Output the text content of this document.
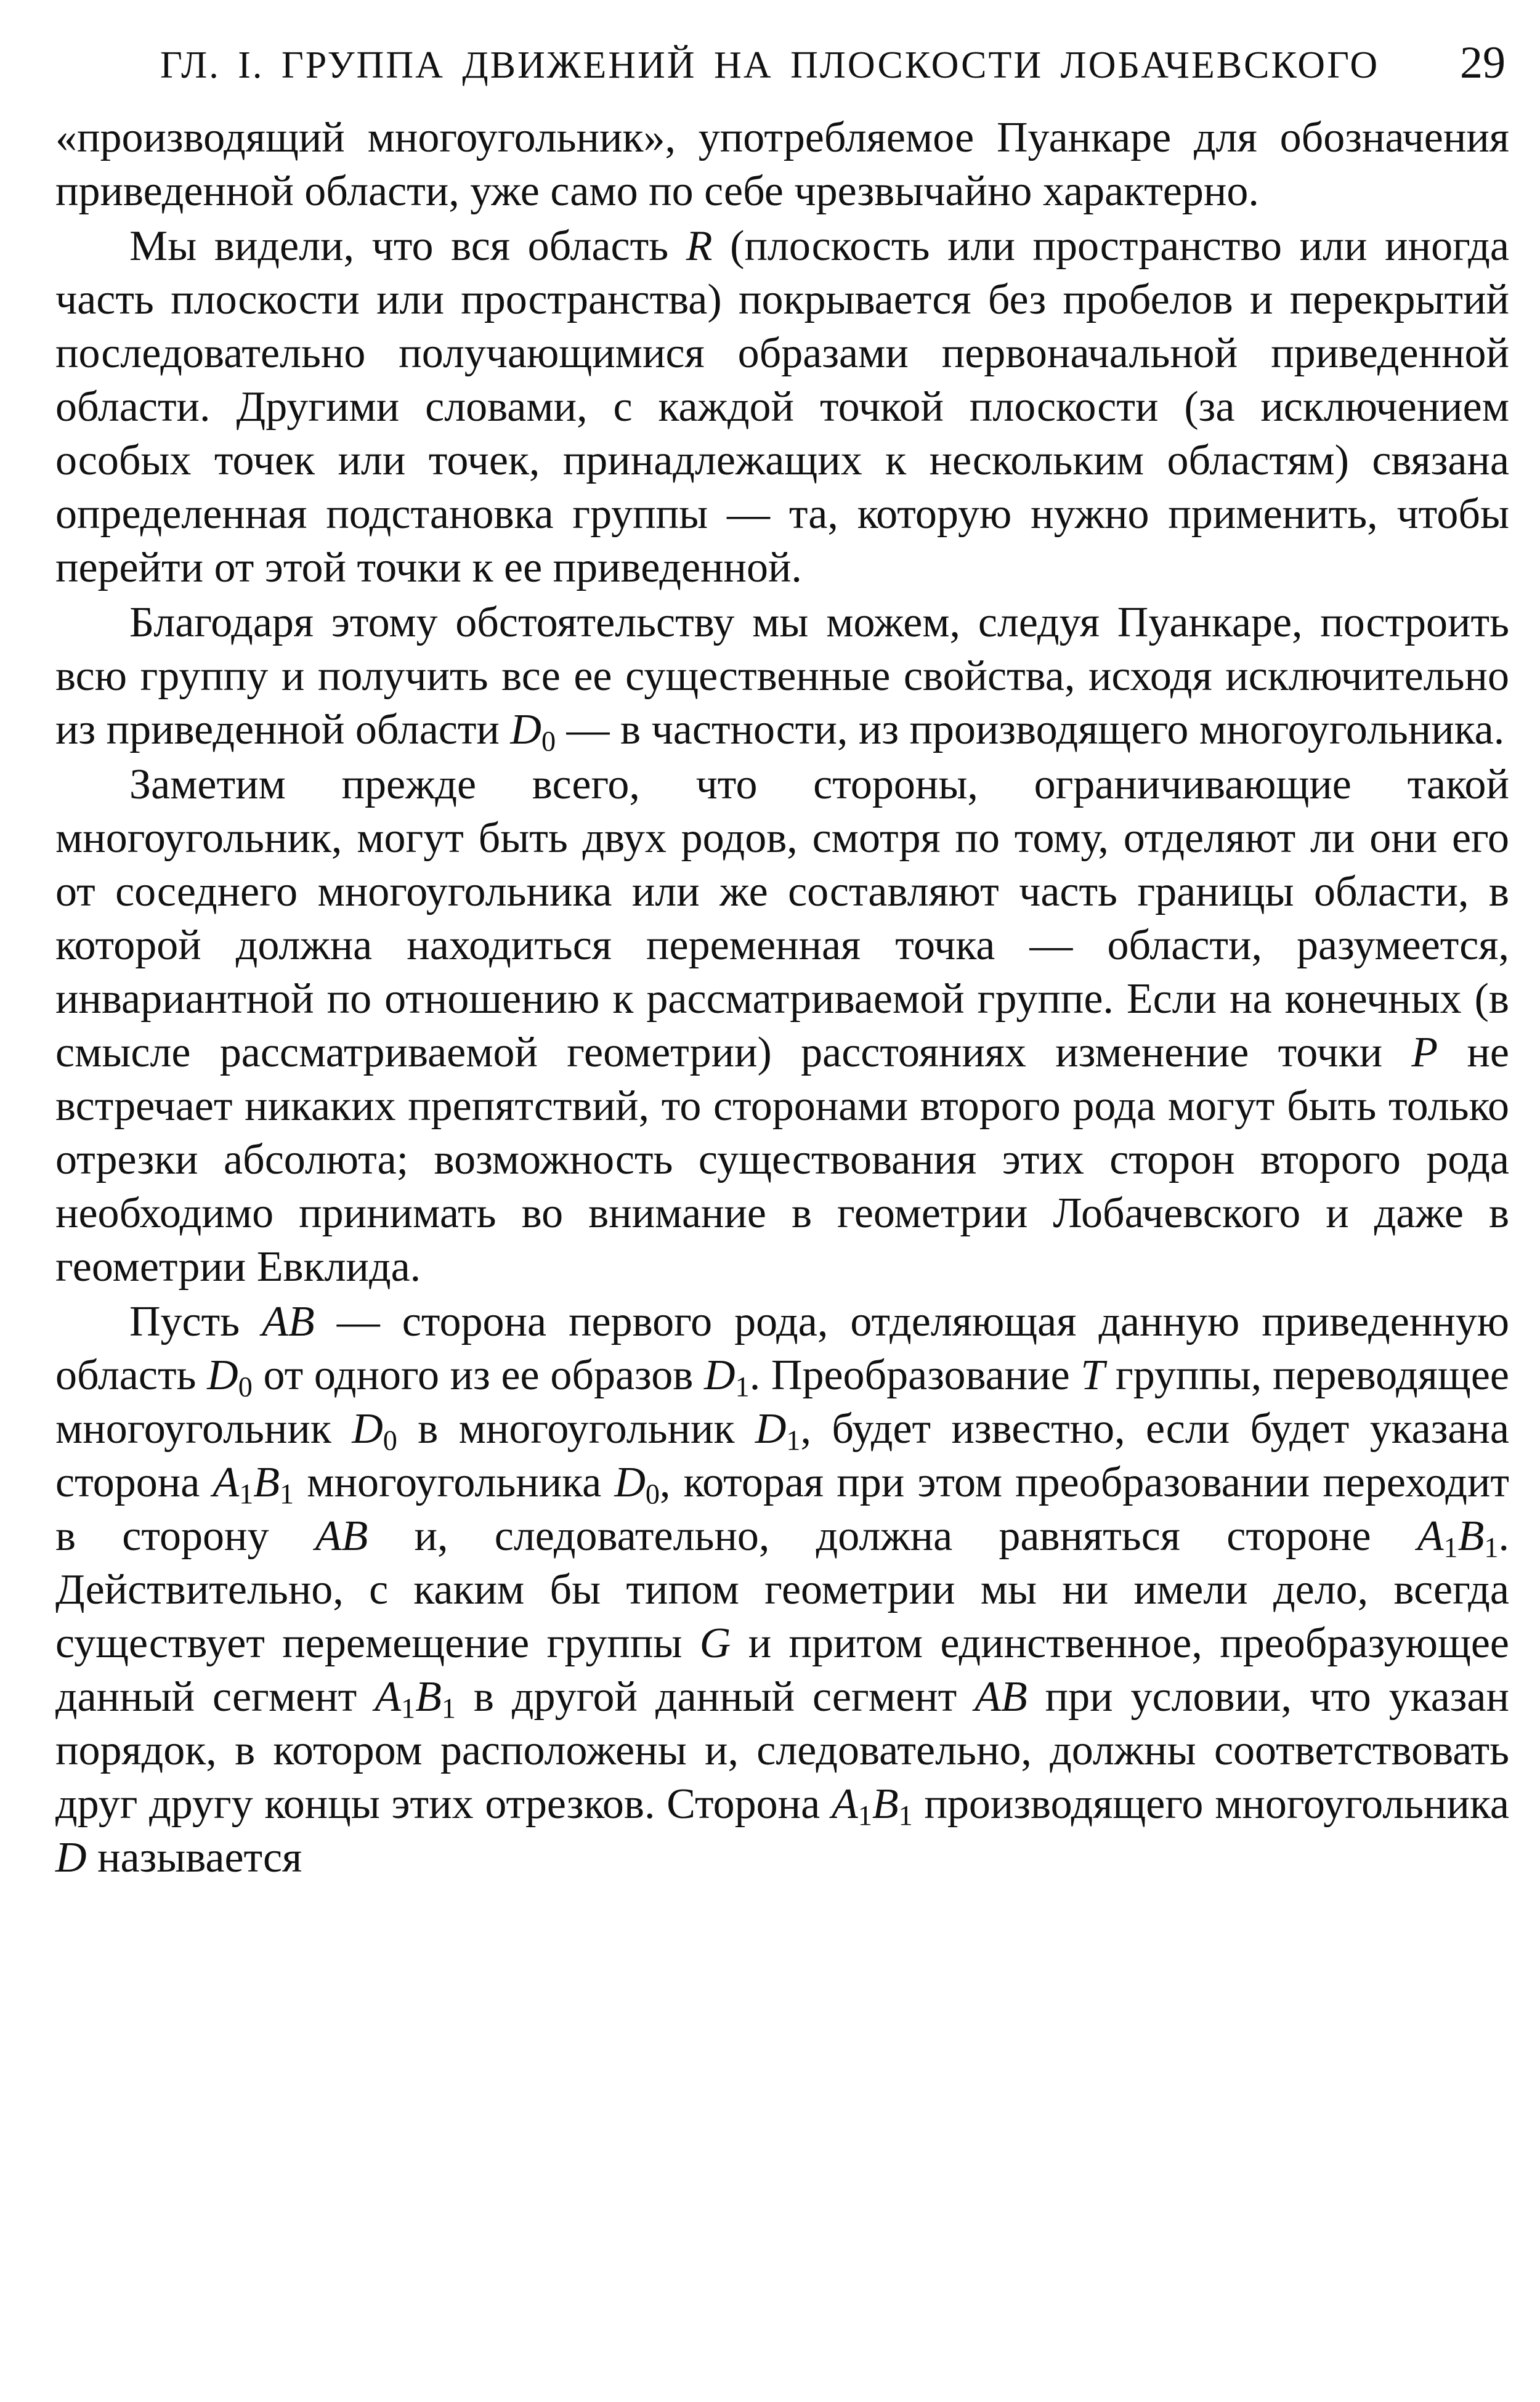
ГЛ. I. ГРУППА ДВИЖЕНИЙ НА ПЛОСКОСТИ ЛОБАЧЕВСКОГО 29

«производящий многоугольник», употребляемое Пуанкаре для обозначения приведенной области, уже само по себе чрезвычайно характерно.

Мы видели, что вся область R (плоскость или пространство или иногда часть плоскости или пространства) покрывается без пробелов и перекрытий последовательно получающимися образами первоначальной приведенной области. Другими словами, с каждой точкой плоскости (за исключением особых точек или точек, принадлежащих к нескольким областям) связана определенная подстановка группы — та, которую нужно применить, чтобы перейти от этой точки к ее приведенной.

Благодаря этому обстоятельству мы можем, следуя Пуанкаре, построить всю группу и получить все ее существенные свойства, исходя исключительно из приведенной области $D_0$ — в частности, из производящего многоугольника.

Заметим прежде всего, что стороны, ограничивающие такой многоугольник, могут быть двух родов, смотря по тому, отделяют ли они его от соседнего многоугольника или же составляют часть границы области, в которой должна находиться переменная точка — области, разумеется, инвариантной по отношению к рассматриваемой группе. Если на конечных (в смысле рассматриваемой геометрии) расстояниях изменение точки P не встречает никаких препятствий, то сторонами второго рода могут быть только отрезки абсолюта; возможность существования этих сторон второго рода необходимо принимать во внимание в геометрии Лобачевского и даже в геометрии Евклида.

Пусть AB — сторона первого рода, отделяющая данную приведенную область $D_0$ от одного из ее образов $D_1$. Преобразование T группы, переводящее многоугольник $D_0$ в многоугольник $D_1$, будет известно, если будет указана сторона $A_1B_1$ многоугольника $D_0$, которая при этом преобразовании переходит в сторону AB и, следовательно, должна равняться стороне $A_1B_1$. Действительно, с каким бы типом геометрии мы ни имели дело, всегда существует перемещение группы G и притом единственное, преобразующее данный сегмент $A_1B_1$ в другой данный сегмент AB при условии, что указан порядок, в котором расположены и, следовательно, должны соответствовать друг другу концы этих отрезков. Сторона $A_1B_1$ производящего многоугольника D называется
